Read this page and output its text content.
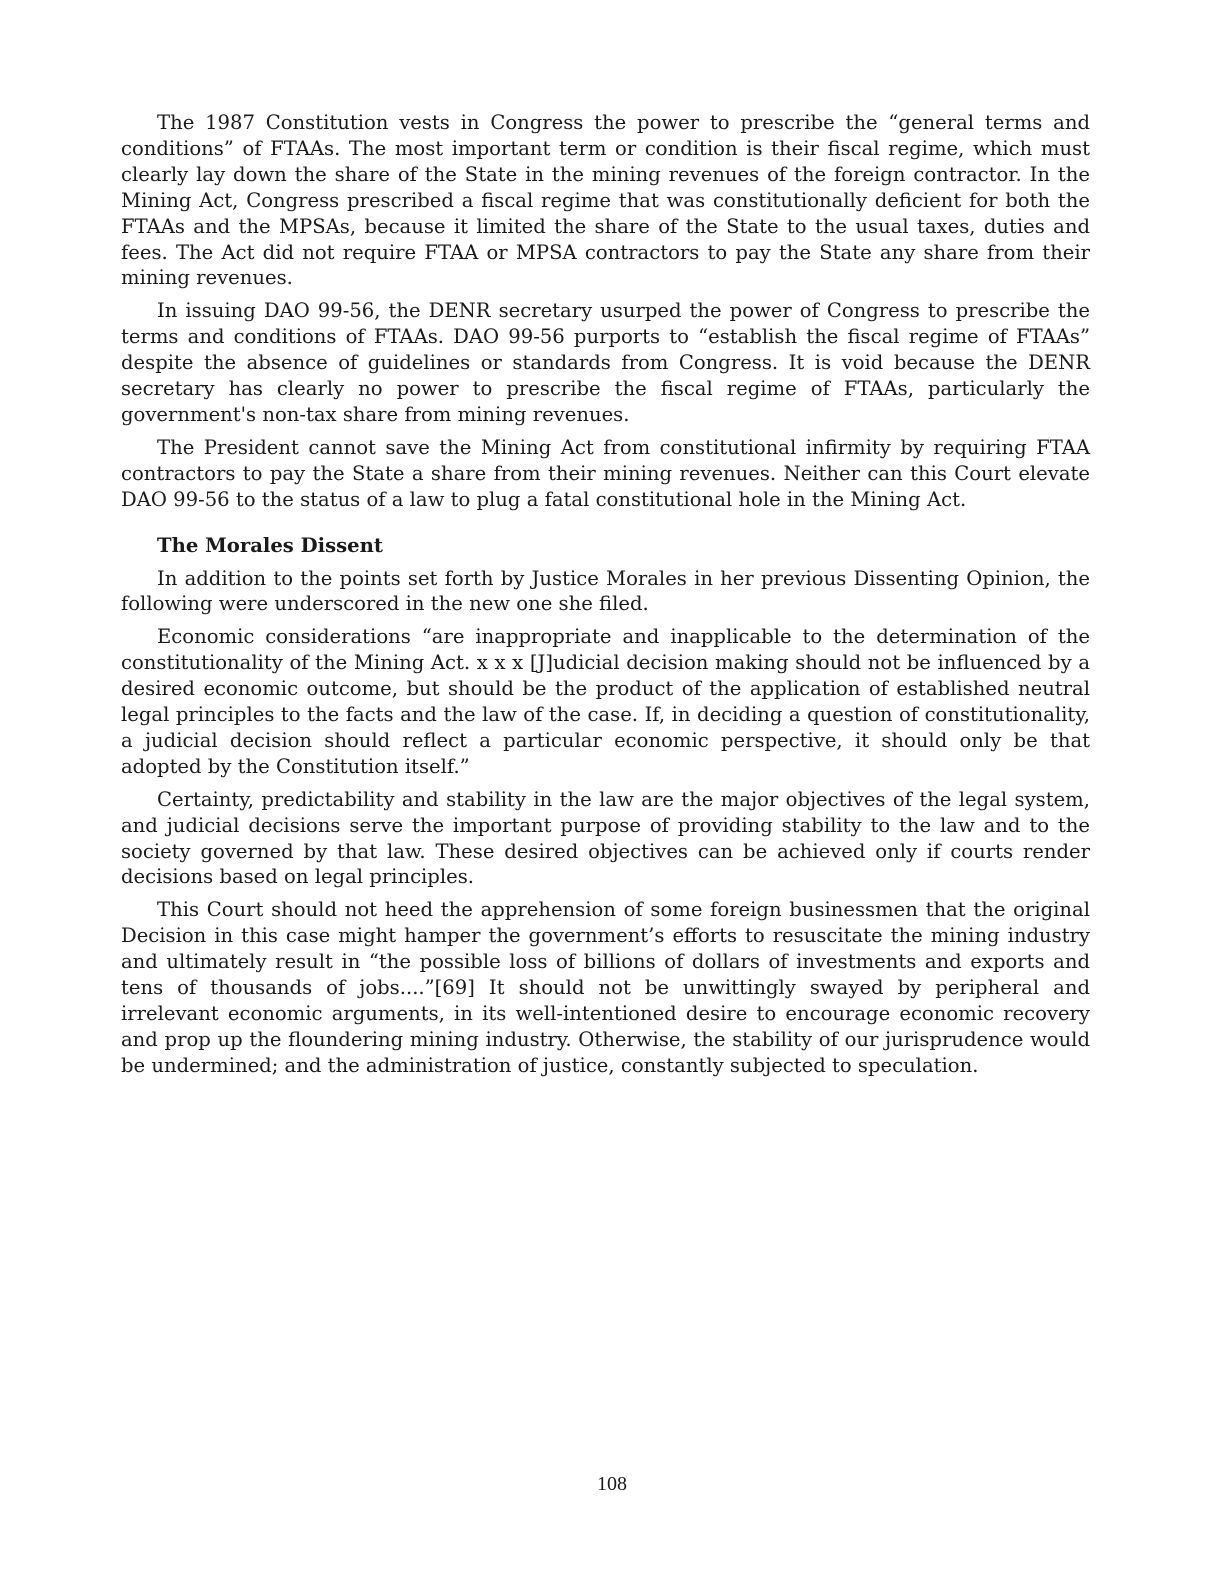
The 1987 Constitution vests in Congress the power to prescribe the “general terms and conditions” of FTAAs. The most important term or condition is their fiscal regime, which must clearly lay down the share of the State in the mining revenues of the foreign contractor. In the Mining Act, Congress prescribed a fiscal regime that was constitutionally deficient for both the FTAAs and the MPSAs, because it limited the share of the State to the usual taxes, duties and fees. The Act did not require FTAA or MPSA contractors to pay the State any share from their mining revenues.

In issuing DAO 99-56, the DENR secretary usurped the power of Congress to prescribe the terms and conditions of FTAAs. DAO 99-56 purports to “establish the fiscal regime of FTAAs” despite the absence of guidelines or standards from Congress. It is void because the DENR secretary has clearly no power to prescribe the fiscal regime of FTAAs, particularly the government's non-tax share from mining revenues.

The President cannot save the Mining Act from constitutional infirmity by requiring FTAA contractors to pay the State a share from their mining revenues. Neither can this Court elevate DAO 99-56 to the status of a law to plug a fatal constitutional hole in the Mining Act.

The Morales Dissent

In addition to the points set forth by Justice Morales in her previous Dissenting Opinion, the following were underscored in the new one she filed.

Economic considerations “are inappropriate and inapplicable to the determination of the constitutionality of the Mining Act. x x x [J]udicial decision making should not be influenced by a desired economic outcome, but should be the product of the application of established neutral legal principles to the facts and the law of the case. If, in deciding a question of constitutionality, a judicial decision should reflect a particular economic perspective, it should only be that adopted by the Constitution itself.”

Certainty, predictability and stability in the law are the major objectives of the legal system, and judicial decisions serve the important purpose of providing stability to the law and to the society governed by that law. These desired objectives can be achieved only if courts render decisions based on legal principles.

This Court should not heed the apprehension of some foreign businessmen that the original Decision in this case might hamper the government’s efforts to resuscitate the mining industry and ultimately result in “the possible loss of billions of dollars of investments and exports and tens of thousands of jobs....”[69] It should not be unwittingly swayed by peripheral and irrelevant economic arguments, in its well-intentioned desire to encourage economic recovery and prop up the floundering mining industry. Otherwise, the stability of our jurisprudence would be undermined; and the administration of justice, constantly subjected to speculation.

108
